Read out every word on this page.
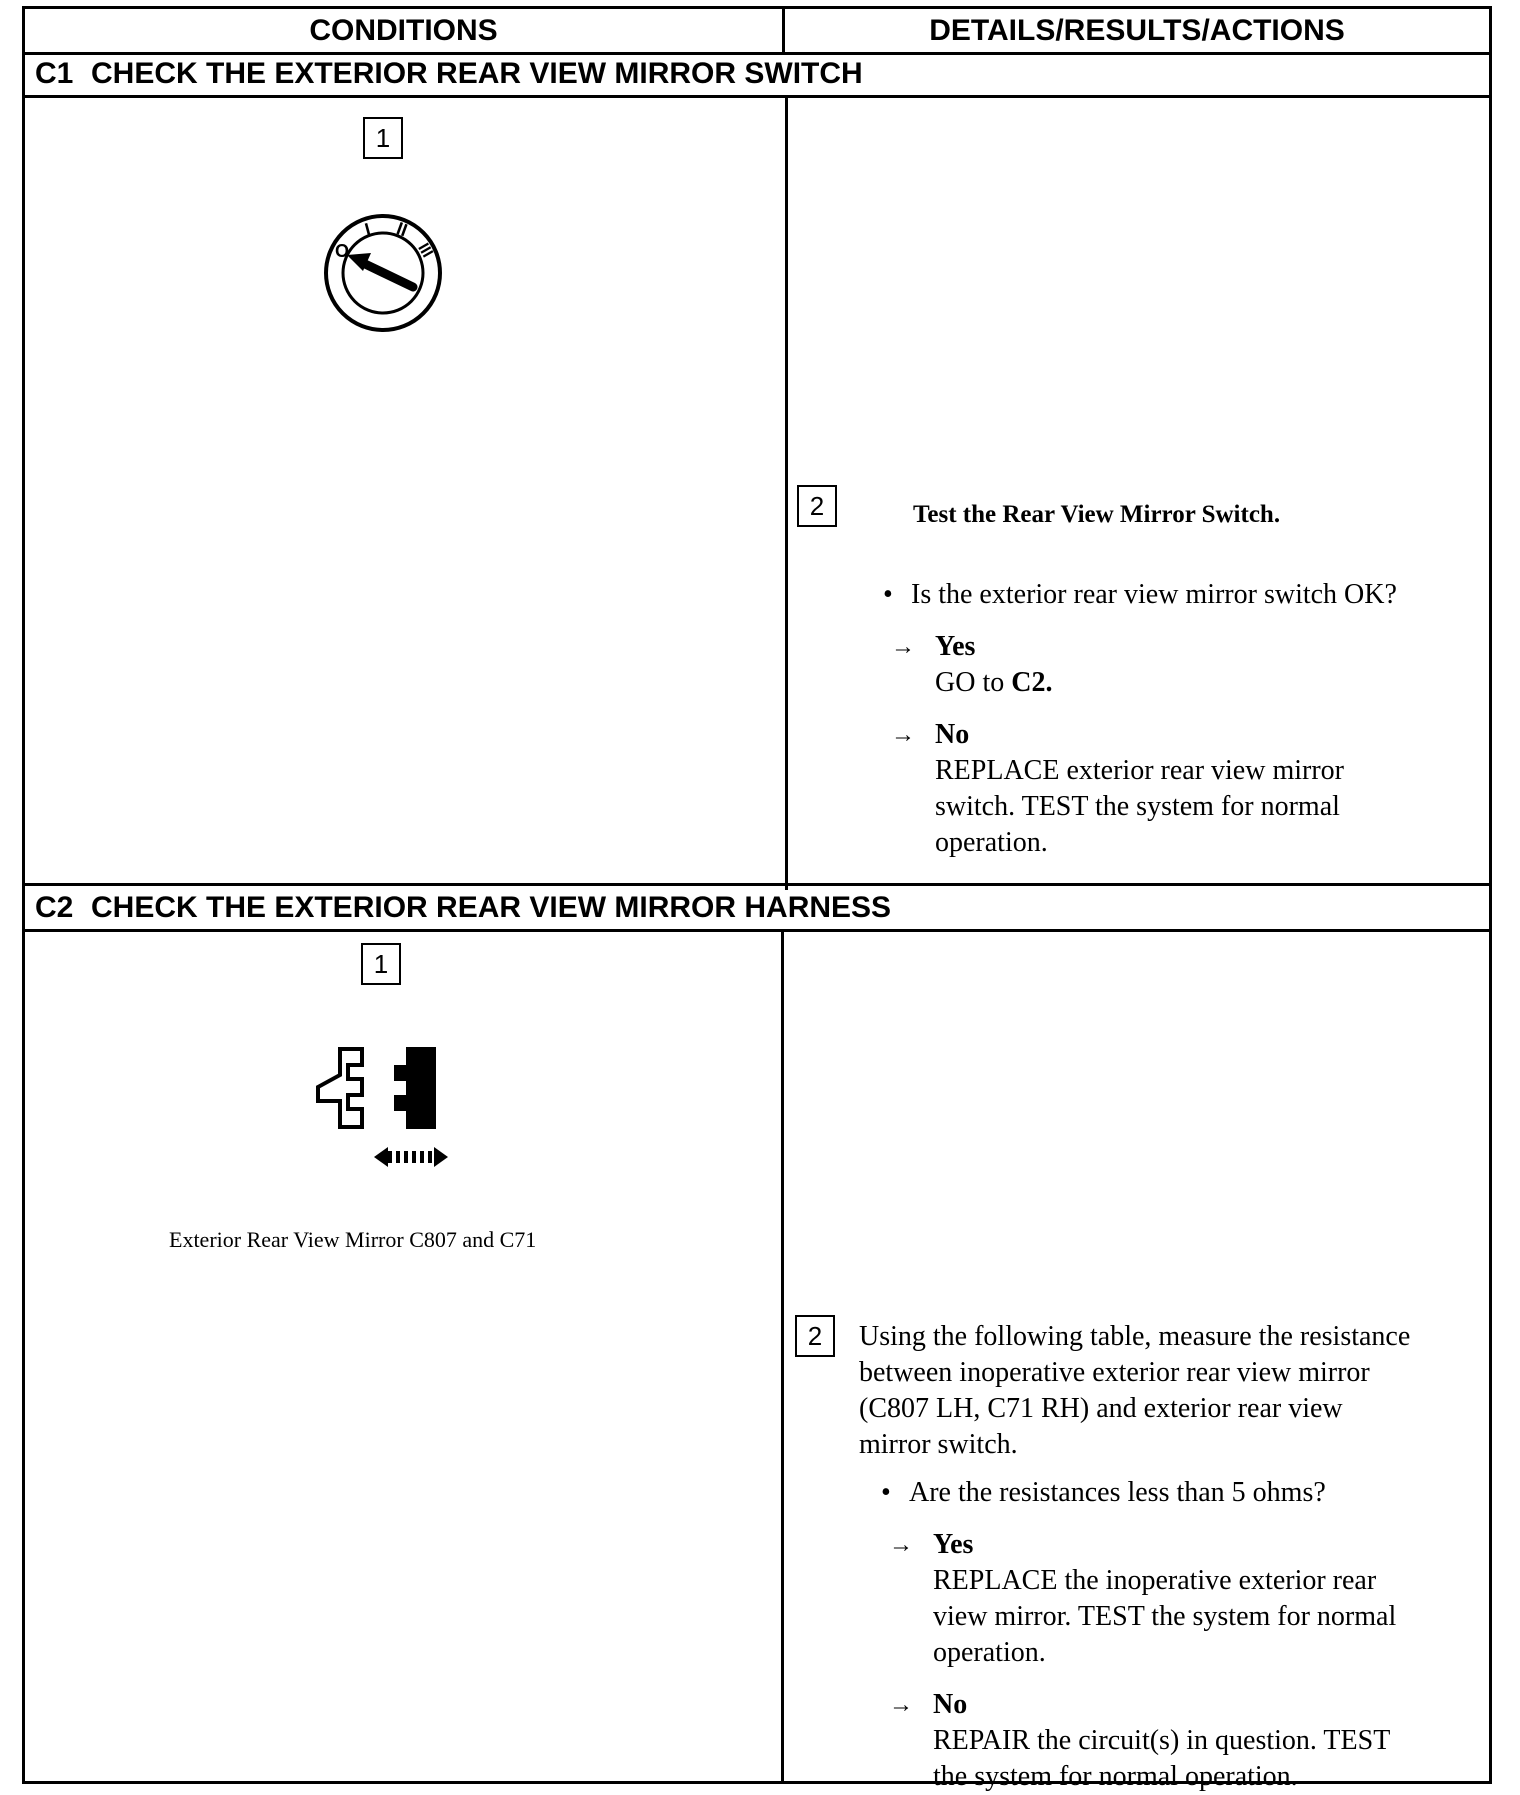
CONDITIONS	DETAILS/RESULTS/ACTIONS
C1 CHECK THE EXTERIOR REAR VIEW MIRROR SWITCH
1
O
I II
III
2	Test the Rear View Mirror Switch.
• Is the exterior rear view mirror switch OK?
→ Yes
GO to C2.
→ No
REPLACE exterior rear view mirror
switch. TEST the system for normal
operation.
C2 CHECK THE EXTERIOR REAR VIEW MIRROR HARNESS
1
Exterior Rear View Mirror C807 and C71
2	Using the following table, measure the resistance
between inoperative exterior rear view mirror
(C807 LH, C71 RH) and exterior rear view
mirror switch.
• Are the resistances less than 5 ohms?
→ Yes
REPLACE the inoperative exterior rear
view mirror. TEST the system for normal
operation.
→ No
REPAIR the circuit(s) in question. TEST
the system for normal operation.
